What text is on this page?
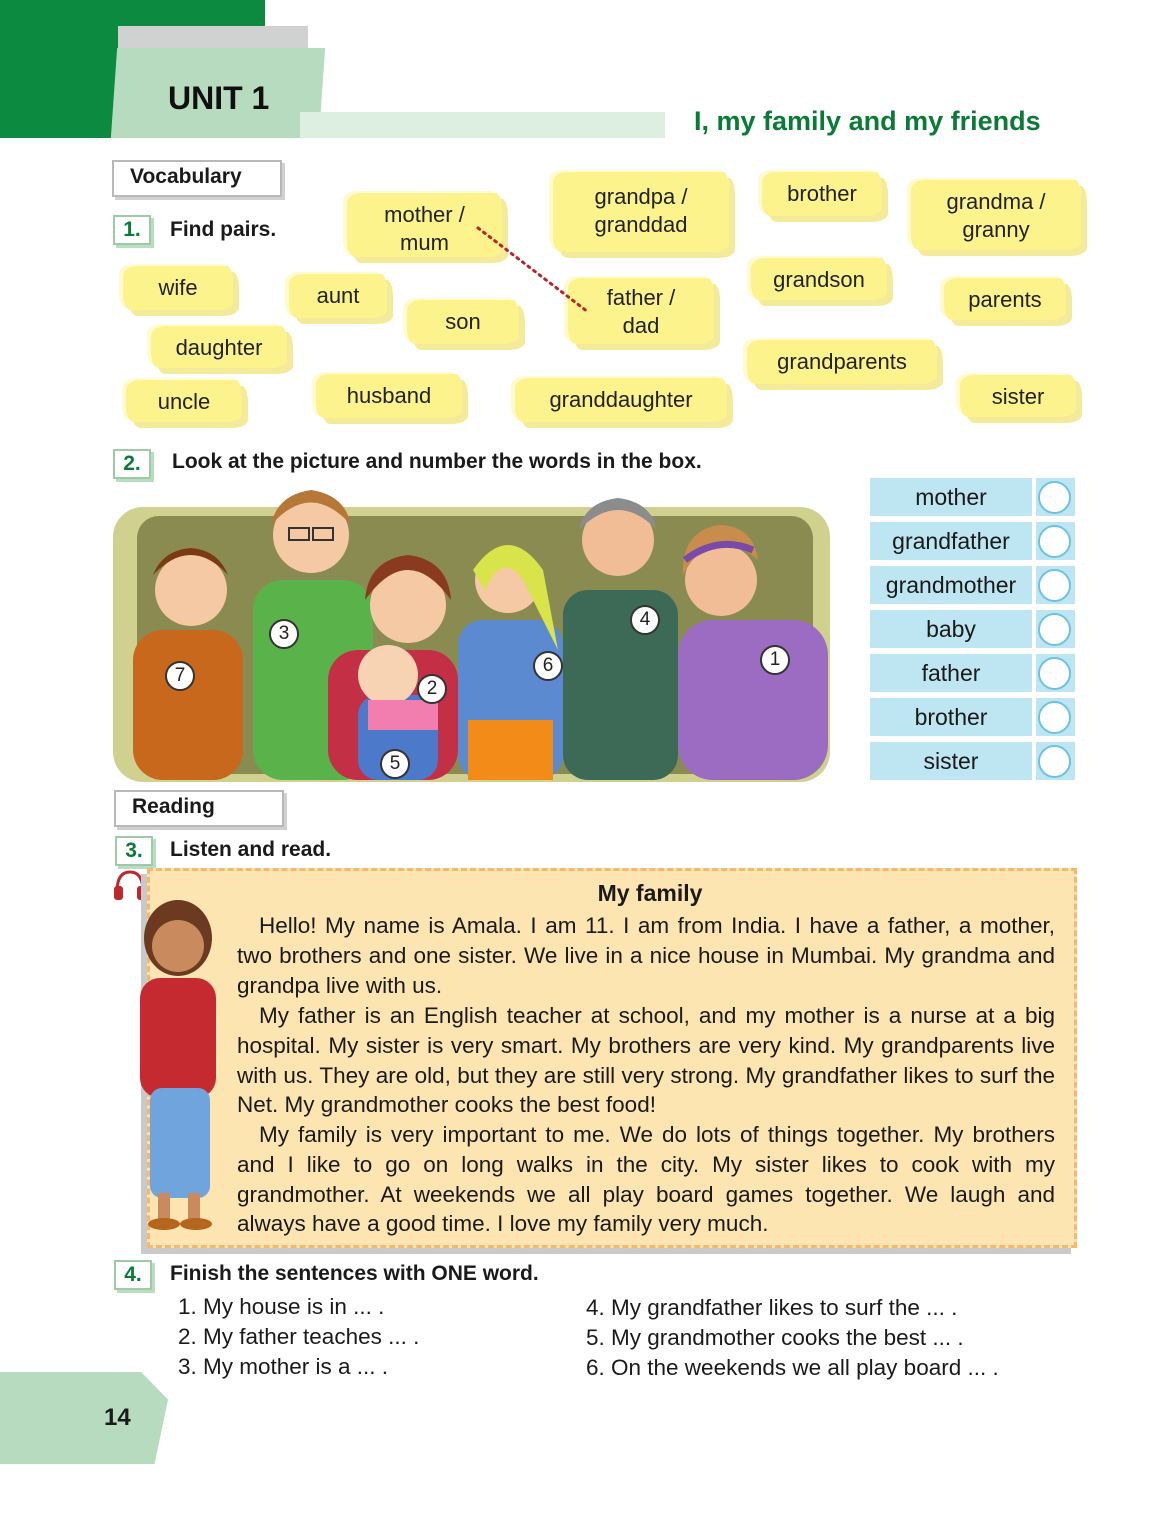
UNIT 1
I, my family and my friends
Vocabulary
1.	Find pairs.
mother /
mum
grandpa /
granddad
brother	grandma /
granny
wife	aunt
son
father /
dad
grandson
parents
daughter
grandparents
uncle	husband	granddaughter	sister
2.	Look at the picture and number the words in the box.
1
2
3
4
5
6
7
mother
grandfather
grandmother
baby
father
brother
sister
Reading
3.	Listen and read.
My family
Hello! My name is Amala. I am 11. I am from India. I have a father, a mother, two brothers and one sister. We live in a nice house in Mumbai. My grandma and grandpa live with us.
My father is an English teacher at school, and my mother is a nurse at a big hospital. My sister is very smart. My brothers are very kind. My grandparents live with us. They are old, but they are still very strong. My grandfather likes to surf the Net. My grandmother cooks the best food!
My family is very important to me. We do lots of things together. My brothers and I like to go on long walks in the city. My sister likes to cook with my grandmother. At weekends we all play board games together. We laugh and always have a good time. I love my family very much.
4.	Finish the sentences with ONE word.
1. My house is in ... .
2. My father teaches ... .
3. My mother is a ... .
4. My grandfather likes to surf the ... .
5. My grandmother cooks the best ... .
6. On the weekends we all play board ... .
14
